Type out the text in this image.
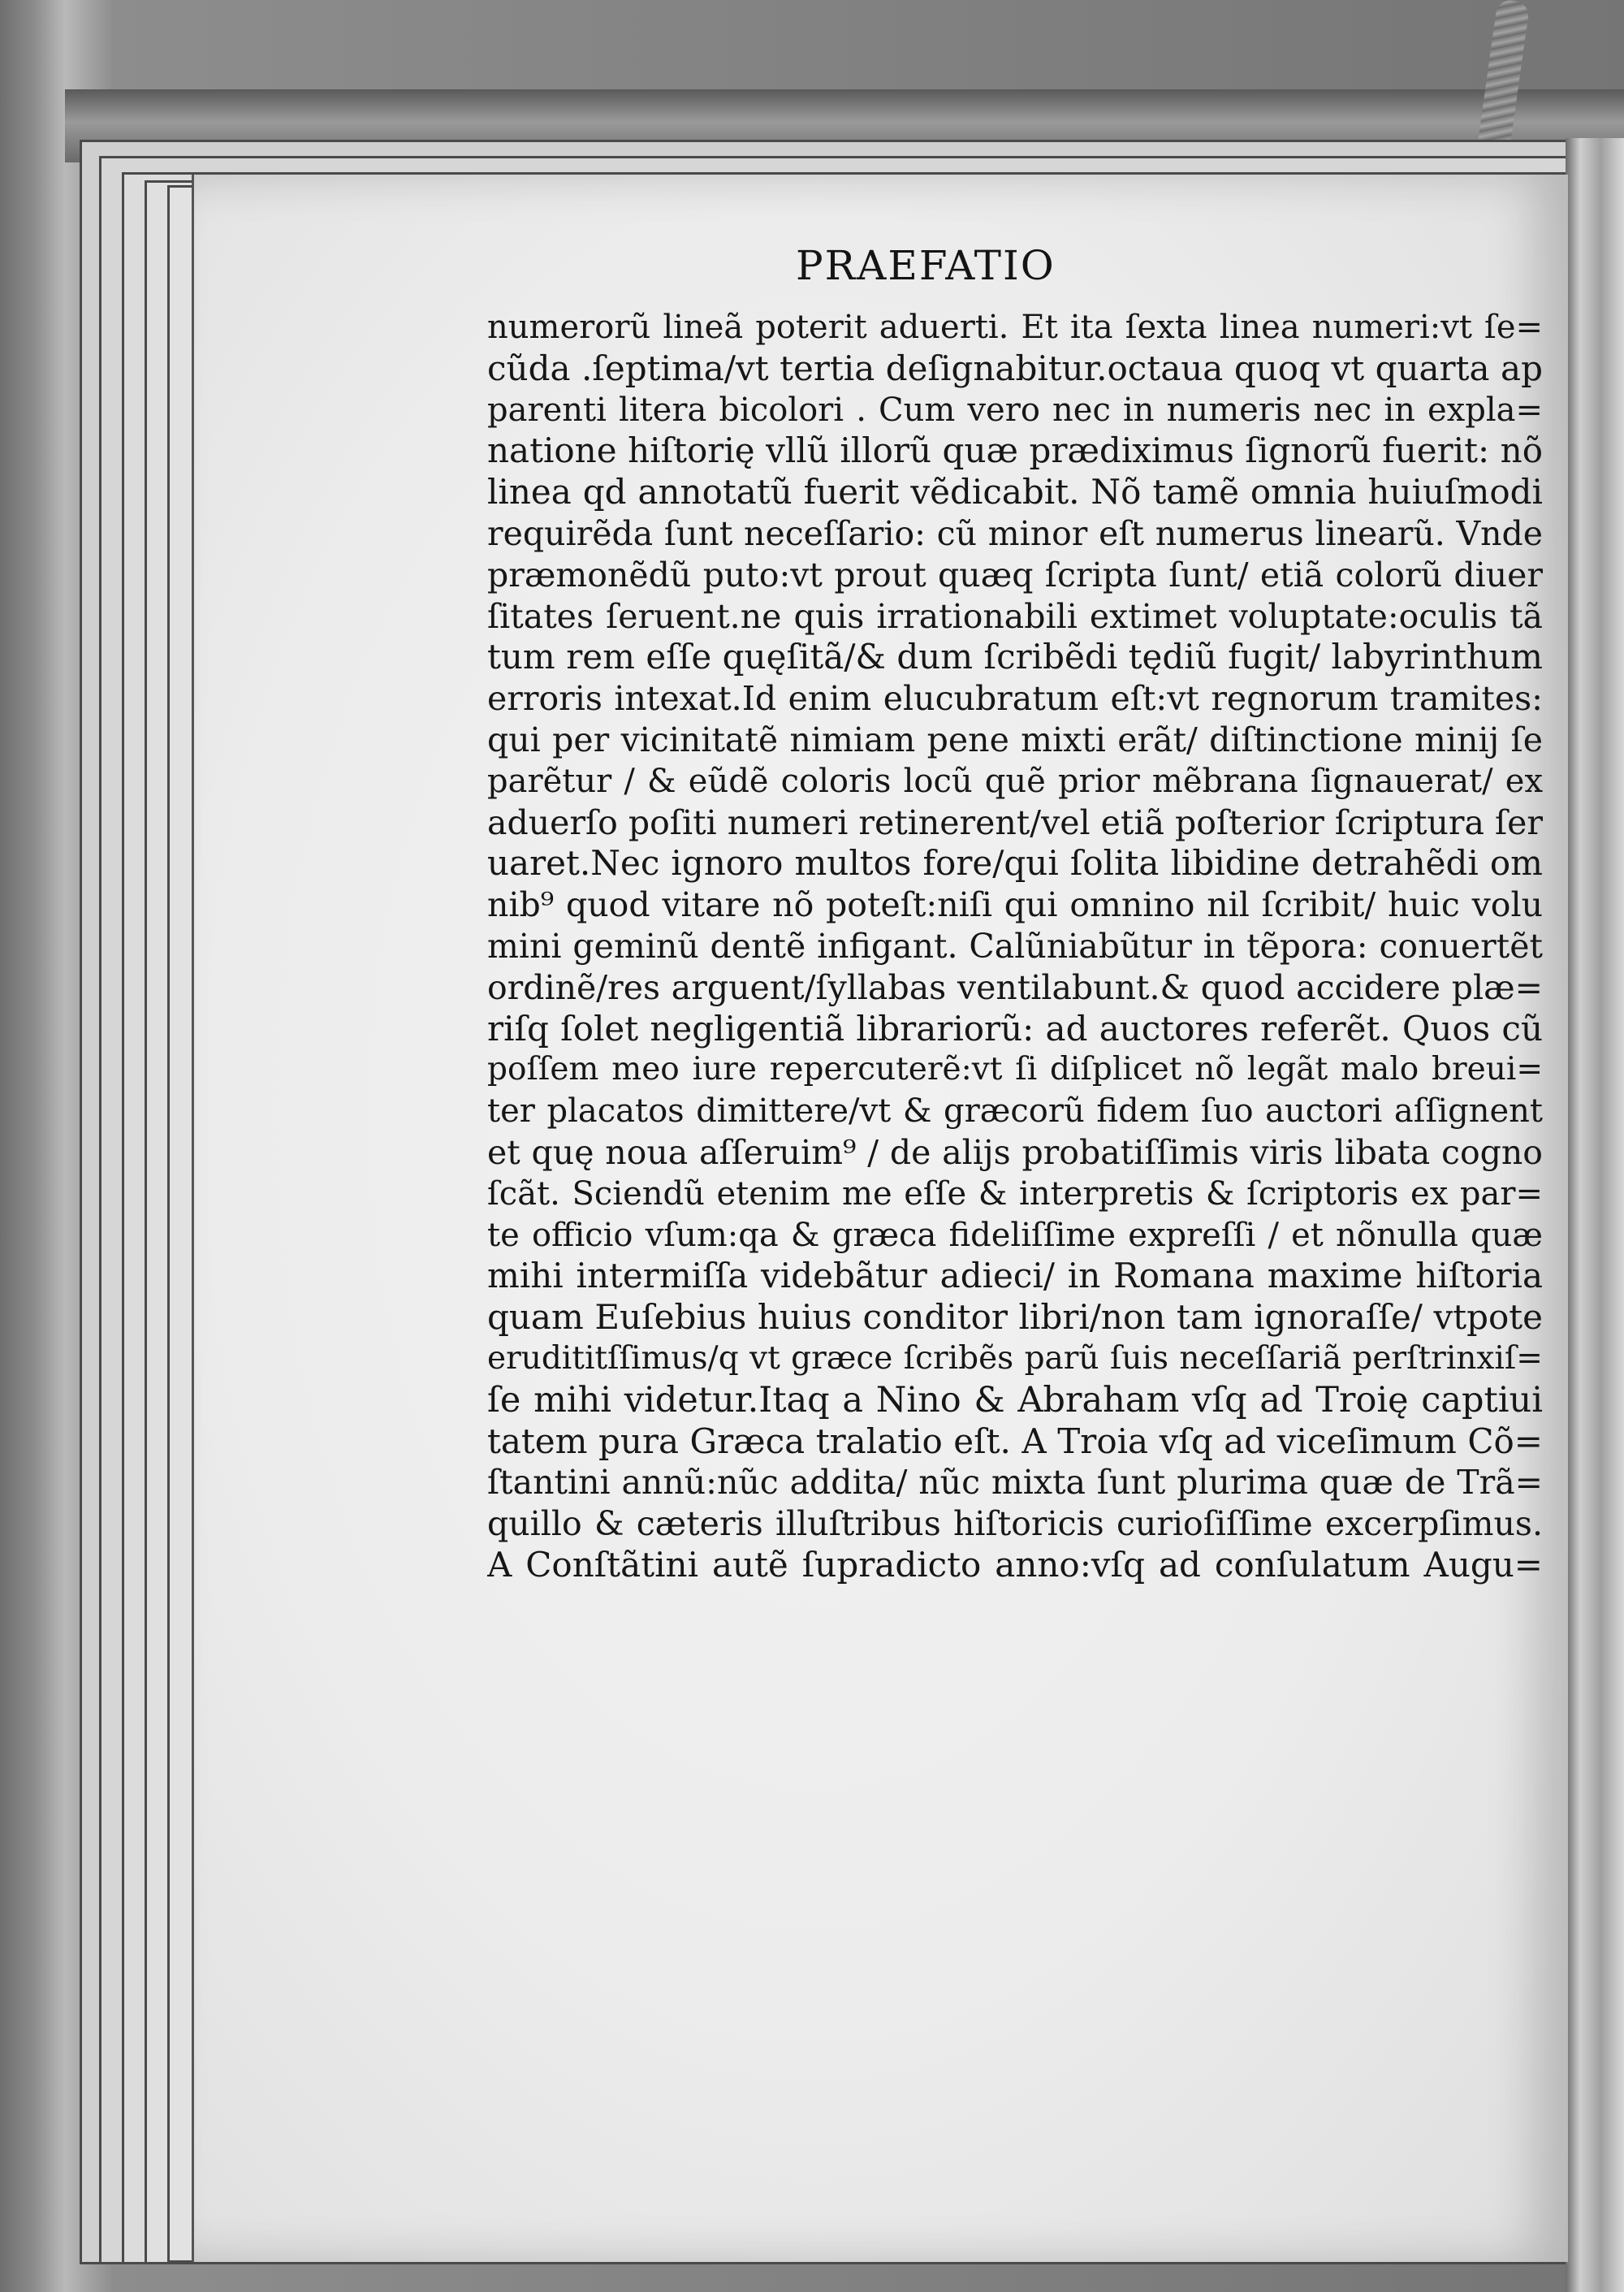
PRAEFATIO
numerorũ lineã poterit aduerti. Et ita ſexta linea numeri:vt ſe=
cũda .ſeptima/vt tertia deſignabitur.octaua quoq vt quarta ap
parenti litera bicolori . Cum vero nec in numeris nec in expla=
natione hiſtorię vllũ illorũ quæ prædiximus ſignorũ fuerit: nõ
linea qd annotatũ fuerit vẽdicabit. Nõ tamẽ omnia huiuſmodi
requirẽda ſunt neceſſario: cũ minor eſt numerus linearũ. Vnde
præmonẽdũ puto:vt prout quæq ſcripta ſunt/ etiã colorũ diuer
ſitates ſeruent.ne quis irrationabili extimet voluptate:oculis tã
tum rem eſſe quęſitã/& dum ſcribẽdi tędiũ fugit/ labyrinthum
erroris intexat.Id enim elucubratum eſt:vt regnorum tramites:
qui per vicinitatẽ nimiam pene mixti erãt/ diſtinctione minij ſe
parẽtur / & eũdẽ coloris locũ quẽ prior mẽbrana ſignauerat/ ex
aduerſo poſiti numeri retinerent/vel etiã poſterior ſcriptura ſer
uaret.Nec ignoro multos fore/qui ſolita libidine detrahẽdi om
nib⁹ quod vitare nõ poteſt:niſi qui omnino nil ſcribit/ huic volu
mini geminũ dentẽ infigant. Calũniabũtur in tẽpora: conuertẽt
ordinẽ/res arguent/ſyllabas ventilabunt.& quod accidere plæ=
riſq ſolet negligentiã librariorũ: ad auctores referẽt. Quos cũ
poſſem meo iure repercuterẽ:vt ſi diſplicet nõ legãt malo breui=
ter placatos dimittere/vt & græcorũ fidem ſuo auctori aſſignent
et quę noua aſſeruim⁹ / de alijs probatiſſimis viris libata cogno
ſcãt. Sciendũ etenim me eſſe & interpretis & ſcriptoris ex par=
te officio vſum:qa & græca fideliſſime expreſſi / et nõnulla quæ
mihi intermiſſa videbãtur adieci/ in Romana maxime hiſtoria
quam Euſebius huius conditor libri/non tam ignoraſſe/ vtpote
erudititſſimus/q vt græce ſcribẽs parũ ſuis neceſſariã perſtrinxiſ=
ſe mihi videtur.Itaq a Nino & Abraham vſq ad Troię captiui
tatem pura Græca tralatio eſt. A Troia vſq ad viceſimum Cõ=
ſtantini annũ:nũc addita/ nũc mixta ſunt plurima quæ de Trã=
quillo & cæteris illuſtribus hiſtoricis curioſiſſime excerpſimus.
A Conſtãtini autẽ ſupradicto anno:vſq ad conſulatum Augu=
